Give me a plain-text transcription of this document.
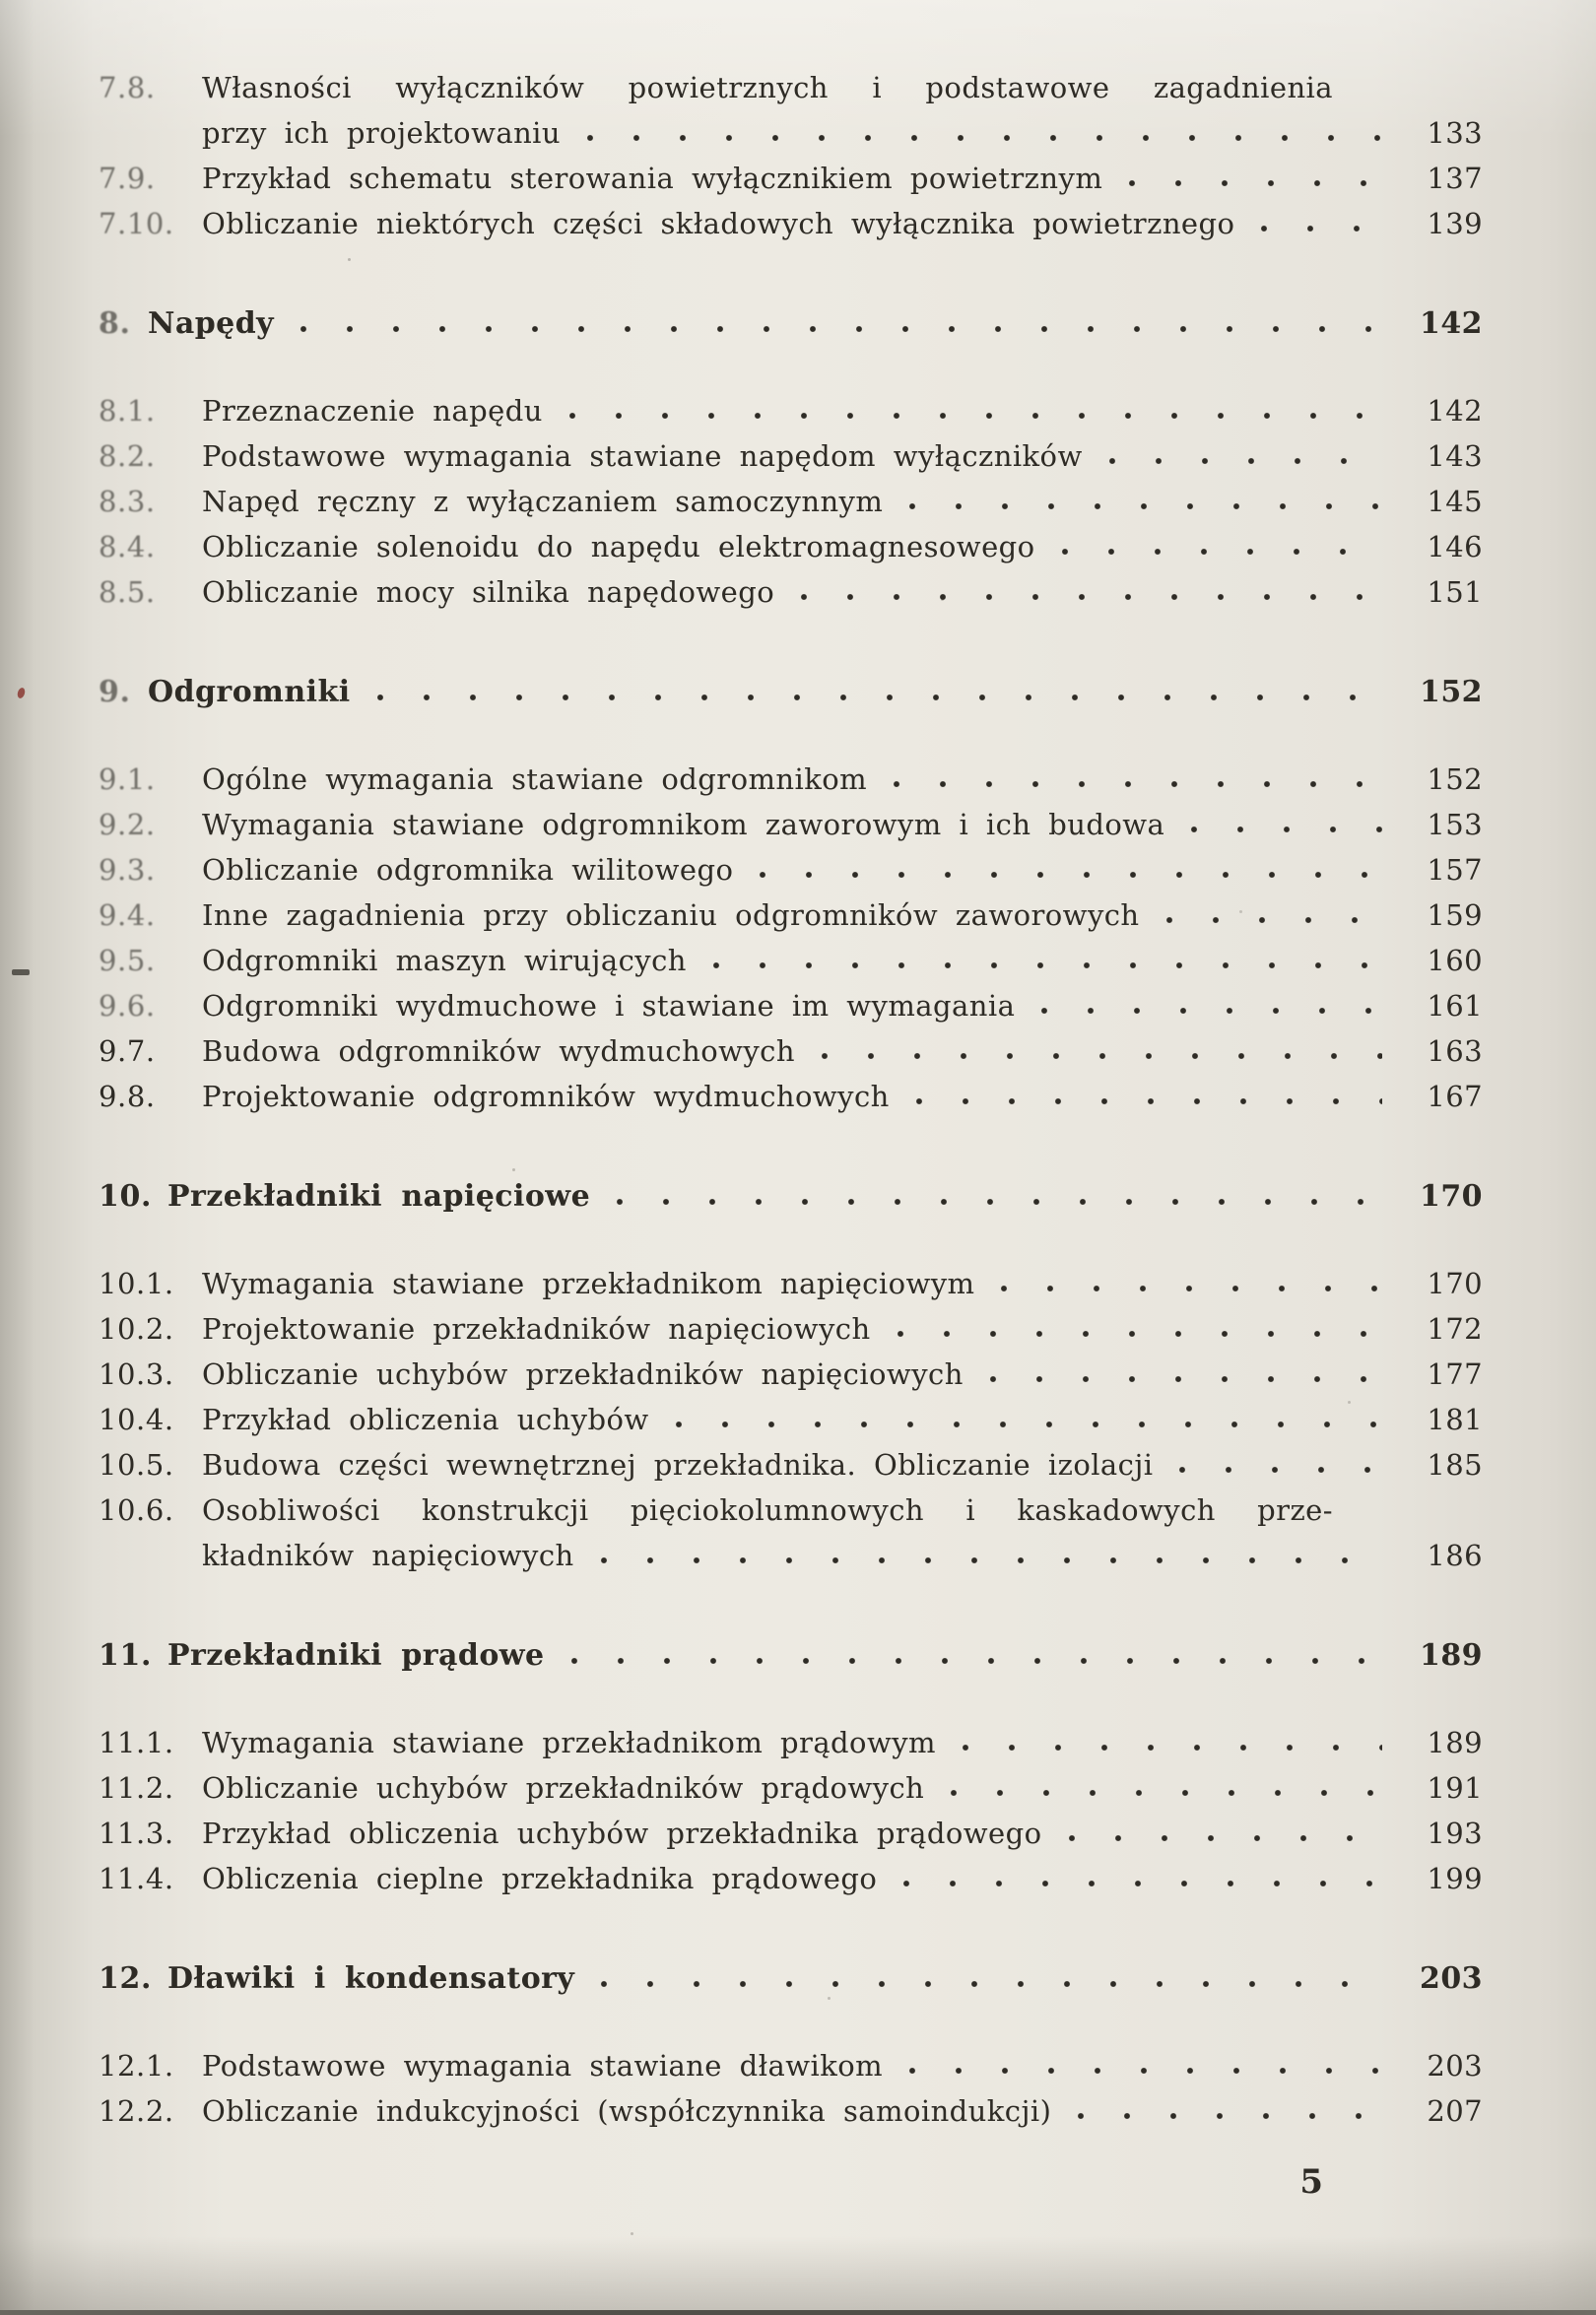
7.8.	Własności wyłączników powietrznych i podstawowe zagadnienia
przy ich projektowaniu	133
7.9.	Przykład schematu sterowania wyłącznikiem powietrznym	137
7.10. Obliczanie niektórych części składowych wyłącznika powietrznego	139
8. Napędy	142
8.1.	Przeznaczenie napędu	142
8.2.	Podstawowe wymagania stawiane napędom wyłączników	143
8.3.	Napęd ręczny z wyłączaniem samoczynnym	145
8.4.	Obliczanie solenoidu do napędu elektromagnesowego	146
8.5.	Obliczanie mocy silnika napędowego	151
9. Odgromniki	152
9.1.	Ogólne wymagania stawiane odgromnikom	152
9.2.	Wymagania stawiane odgromnikom zaworowym i ich budowa	153
9.3.	Obliczanie odgromnika wilitowego	157
9.4.	Inne zagadnienia przy obliczaniu odgromników zaworowych	159
9.5.	Odgromniki maszyn wirujących	160
9.6.	Odgromniki wydmuchowe i stawiane im wymagania	161
9.7.	Budowa odgromników wydmuchowych	163
9.8.	Projektowanie odgromników wydmuchowych	167
10. Przekładniki napięciowe	170
10.1. Wymagania stawiane przekładnikom napięciowym	170
10.2. Projektowanie przekładników napięciowych	172
10.3. Obliczanie uchybów przekładników napięciowych	177
10.4. Przykład obliczenia uchybów	181
10.5. Budowa części wewnętrznej przekładnika. Obliczanie izolacji	185
10.6. Osobliwości konstrukcji pięciokolumnowych i kaskadowych prze-
kładników napięciowych	186
11. Przekładniki prądowe	189
11.1. Wymagania stawiane przekładnikom prądowym	189
11.2. Obliczanie uchybów przekładników prądowych	191
11.3. Przykład obliczenia uchybów przekładnika prądowego	193
11.4. Obliczenia cieplne przekładnika prądowego	199
12. Dławiki i kondensatory	203
12.1. Podstawowe wymagania stawiane dławikom	203
12.2. Obliczanie indukcyjności (współczynnika samoindukcji)	207
5
